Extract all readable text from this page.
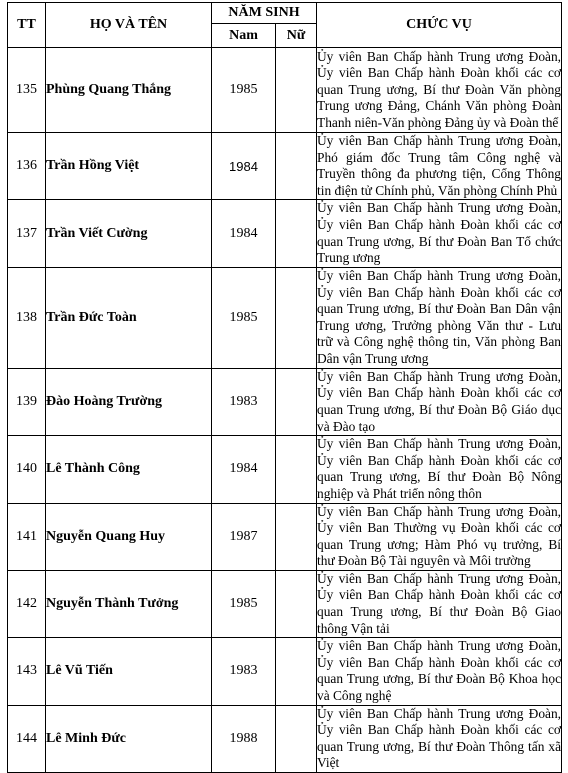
TT	HỌ VÀ TÊN	NĂM SINH		CHỨC VỤ
		Nam	Nữ	
135	Phùng Quang Thắng	1985		Ủy viên Ban Chấp hành Trung ương Đoàn, Ủy viên Ban Chấp hành Đoàn khối các cơ quan Trung ương, Bí thư Đoàn Văn phòng Trung ương Đảng, Chánh Văn phòng Đoàn Thanh niên-Văn phòng Đảng ủy và Đoàn thể
136	Trần Hồng Việt	1984		Ủy viên Ban Chấp hành Trung ương Đoàn, Phó giám đốc Trung tâm Công nghệ và Truyền thông đa phương tiện, Cổng Thông tin điện tử Chính phủ, Văn phòng Chính Phủ
137	Trần Viết Cường	1984		Ủy viên Ban Chấp hành Trung ương Đoàn, Ủy viên Ban Chấp hành Đoàn khối các cơ quan Trung ương, Bí thư Đoàn Ban Tổ chức Trung ương
138	Trần Đức Toàn	1985		Ủy viên Ban Chấp hành Trung ương Đoàn, Ủy viên Ban Chấp hành Đoàn khối các cơ quan Trung ương, Bí thư Đoàn Ban Dân vận Trung ương, Trưởng phòng Văn thư - Lưu trữ và Công nghệ thông tin, Văn phòng Ban Dân vận Trung ương
139	Đào Hoàng Trường	1983		Ủy viên Ban Chấp hành Trung ương Đoàn, Ủy viên Ban Chấp hành Đoàn khối các cơ quan Trung ương, Bí thư Đoàn Bộ Giáo dục và Đào tạo
140	Lê Thành Công	1984		Ủy viên Ban Chấp hành Trung ương Đoàn, Ủy viên Ban Chấp hành Đoàn khối các cơ quan Trung ương, Bí thư Đoàn Bộ Nông nghiệp và Phát triển nông thôn
141	Nguyễn Quang Huy	1987		Ủy viên Ban Chấp hành Trung ương Đoàn, Ủy viên Ban Thường vụ Đoàn khối các cơ quan Trung ương; Hàm Phó vụ trưởng, Bí thư Đoàn Bộ Tài nguyên và Môi trường
142	Nguyễn Thành Tưởng	1985		Ủy viên Ban Chấp hành Trung ương Đoàn, Ủy viên Ban Chấp hành Đoàn khối các cơ quan Trung ương, Bí thư Đoàn Bộ Giao thông Vận tải
143	Lê Vũ Tiến	1983		Ủy viên Ban Chấp hành Trung ương Đoàn, Ủy viên Ban Chấp hành Đoàn khối các cơ quan Trung ương, Bí thư Đoàn Bộ Khoa học và Công nghệ
144	Lê Minh Đức	1988		Ủy viên Ban Chấp hành Trung ương Đoàn, Ủy viên Ban Chấp hành Đoàn khối các cơ quan Trung ương, Bí thư Đoàn Thông tấn xã Việt
